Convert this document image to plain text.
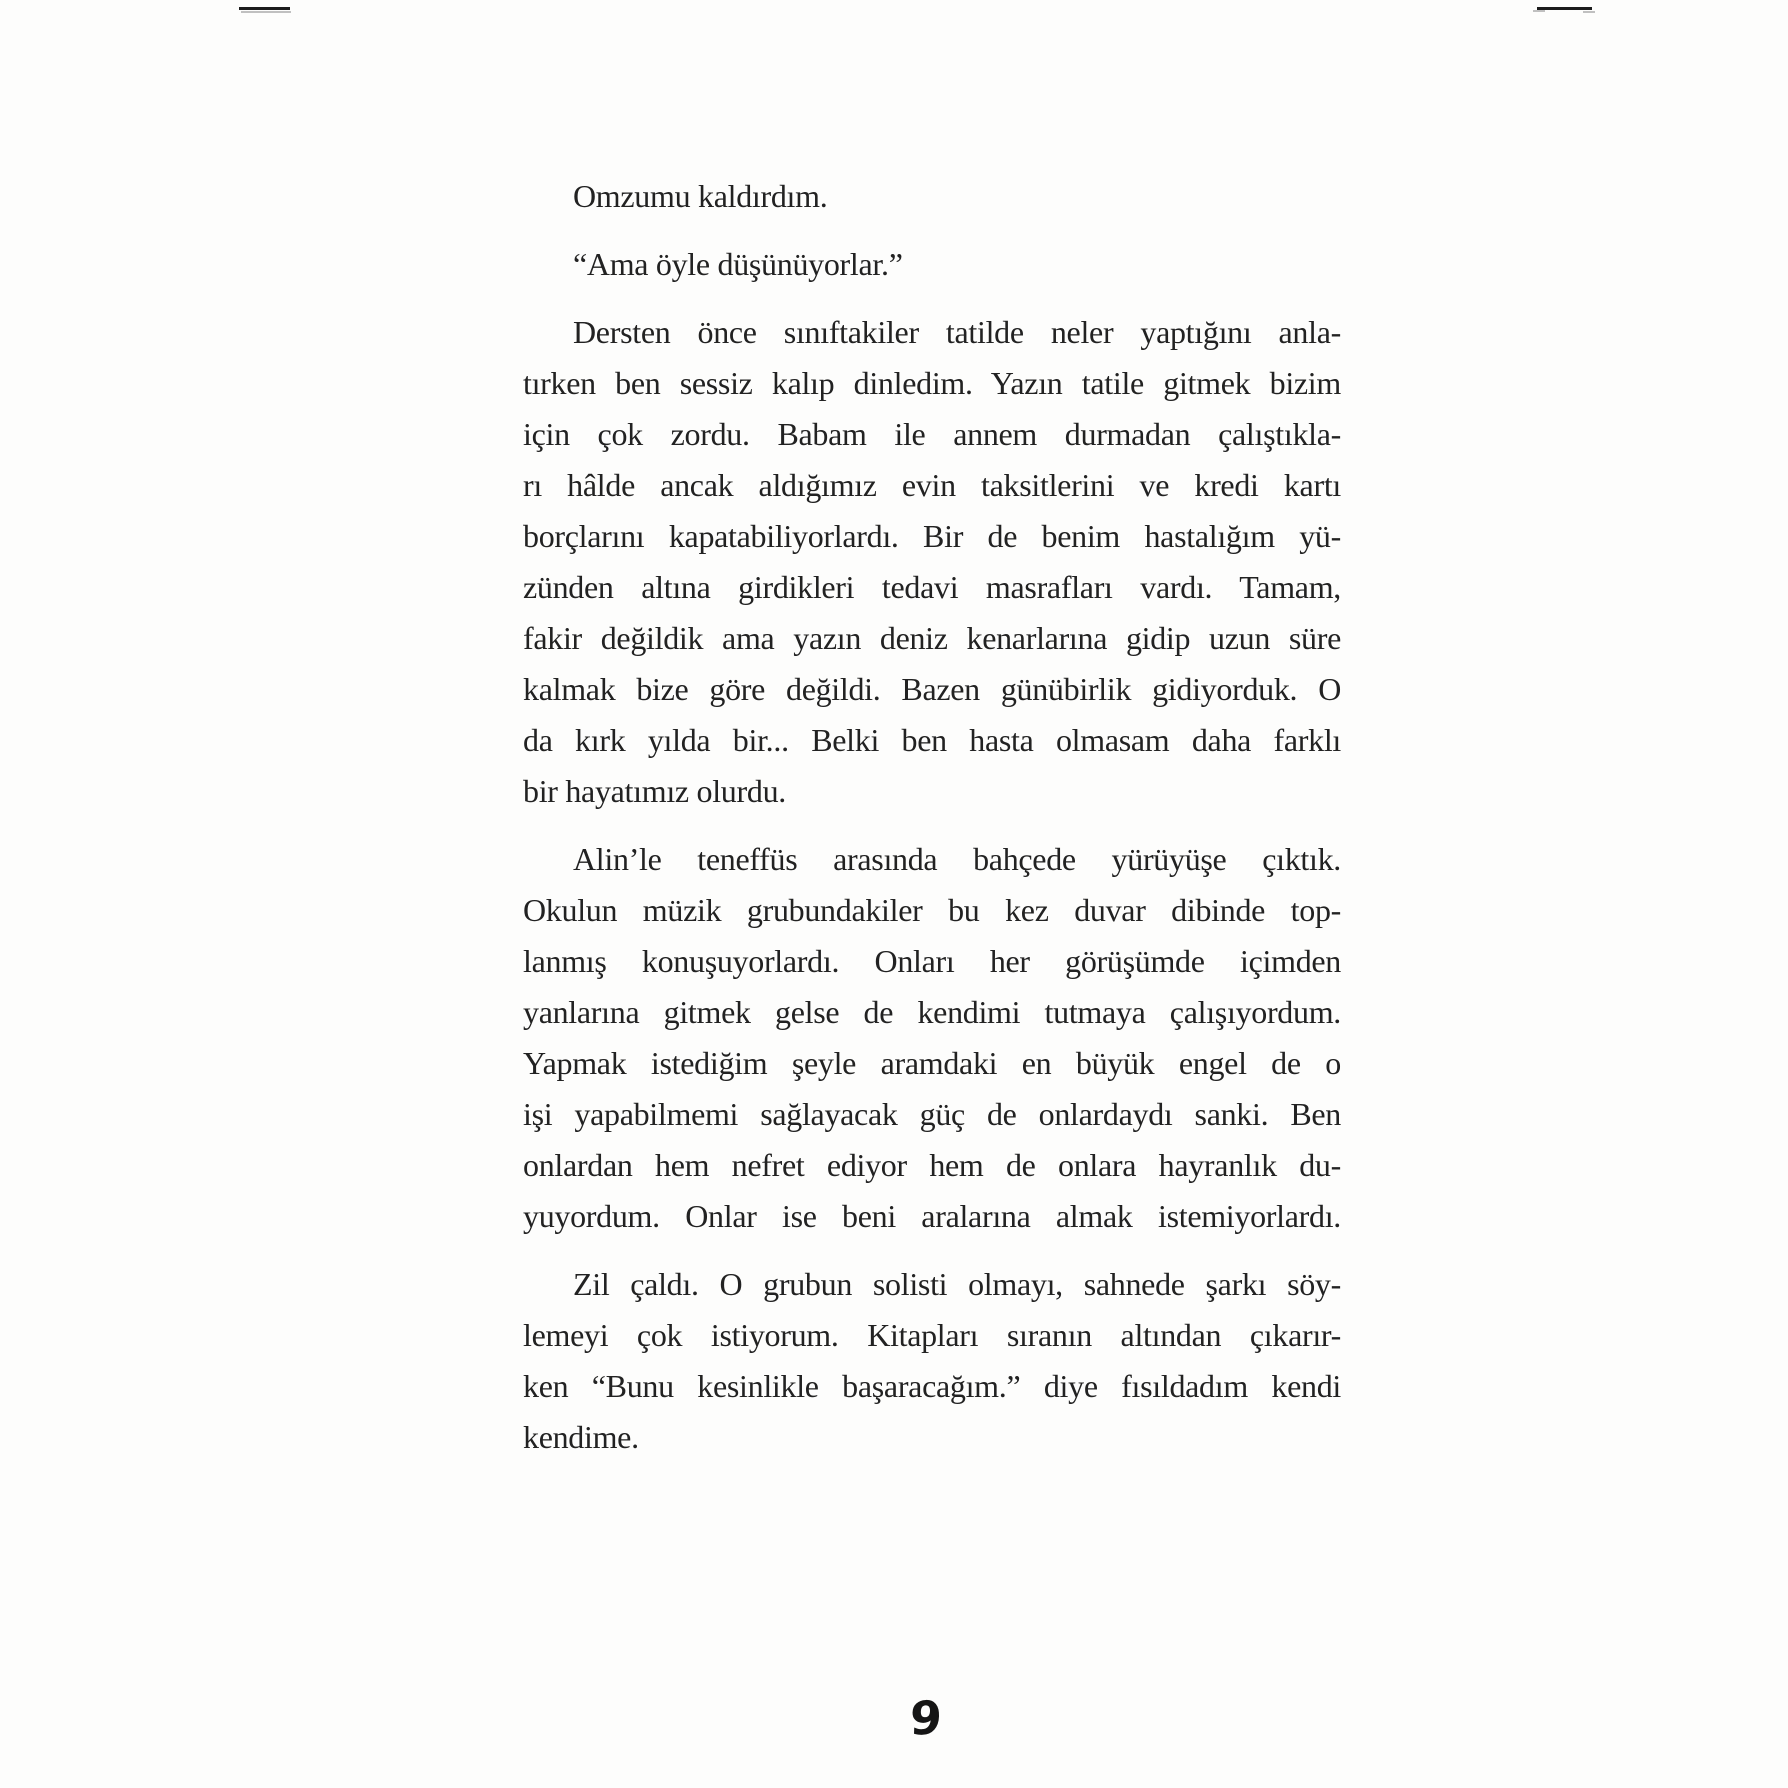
Omzumu kaldırdım.
“Ama öyle düşünüyorlar.”
Dersten önce sınıftakiler tatilde neler yaptığını anla-
tırken ben sessiz kalıp dinledim. Yazın tatile gitmek bizim
için çok zordu. Babam ile annem durmadan çalıştıkla-
rı hâlde ancak aldığımız evin taksitlerini ve kredi kartı
borçlarını kapatabiliyorlardı. Bir de benim hastalığım yü-
zünden altına girdikleri tedavi masrafları vardı. Tamam,
fakir değildik ama yazın deniz kenarlarına gidip uzun süre
kalmak bize göre değildi. Bazen günübirlik gidiyorduk. O
da kırk yılda bir... Belki ben hasta olmasam daha farklı
bir hayatımız olurdu.
Alin’le teneffüs arasında bahçede yürüyüşe çıktık.
Okulun müzik grubundakiler bu kez duvar dibinde top-
lanmış konuşuyorlardı. Onları her görüşümde içimden
yanlarına gitmek gelse de kendimi tutmaya çalışıyordum.
Yapmak istediğim şeyle aramdaki en büyük engel de o
işi yapabilmemi sağlayacak güç de onlardaydı sanki. Ben
onlardan hem nefret ediyor hem de onlara hayranlık du-
yuyordum. Onlar ise beni aralarına almak istemiyorlardı.
Zil çaldı. O grubun solisti olmayı, sahnede şarkı söy-
lemeyi çok istiyorum. Kitapları sıranın altından çıkarır-
ken “Bunu kesinlikle başaracağım.” diye fısıldadım kendi
kendime.
9
